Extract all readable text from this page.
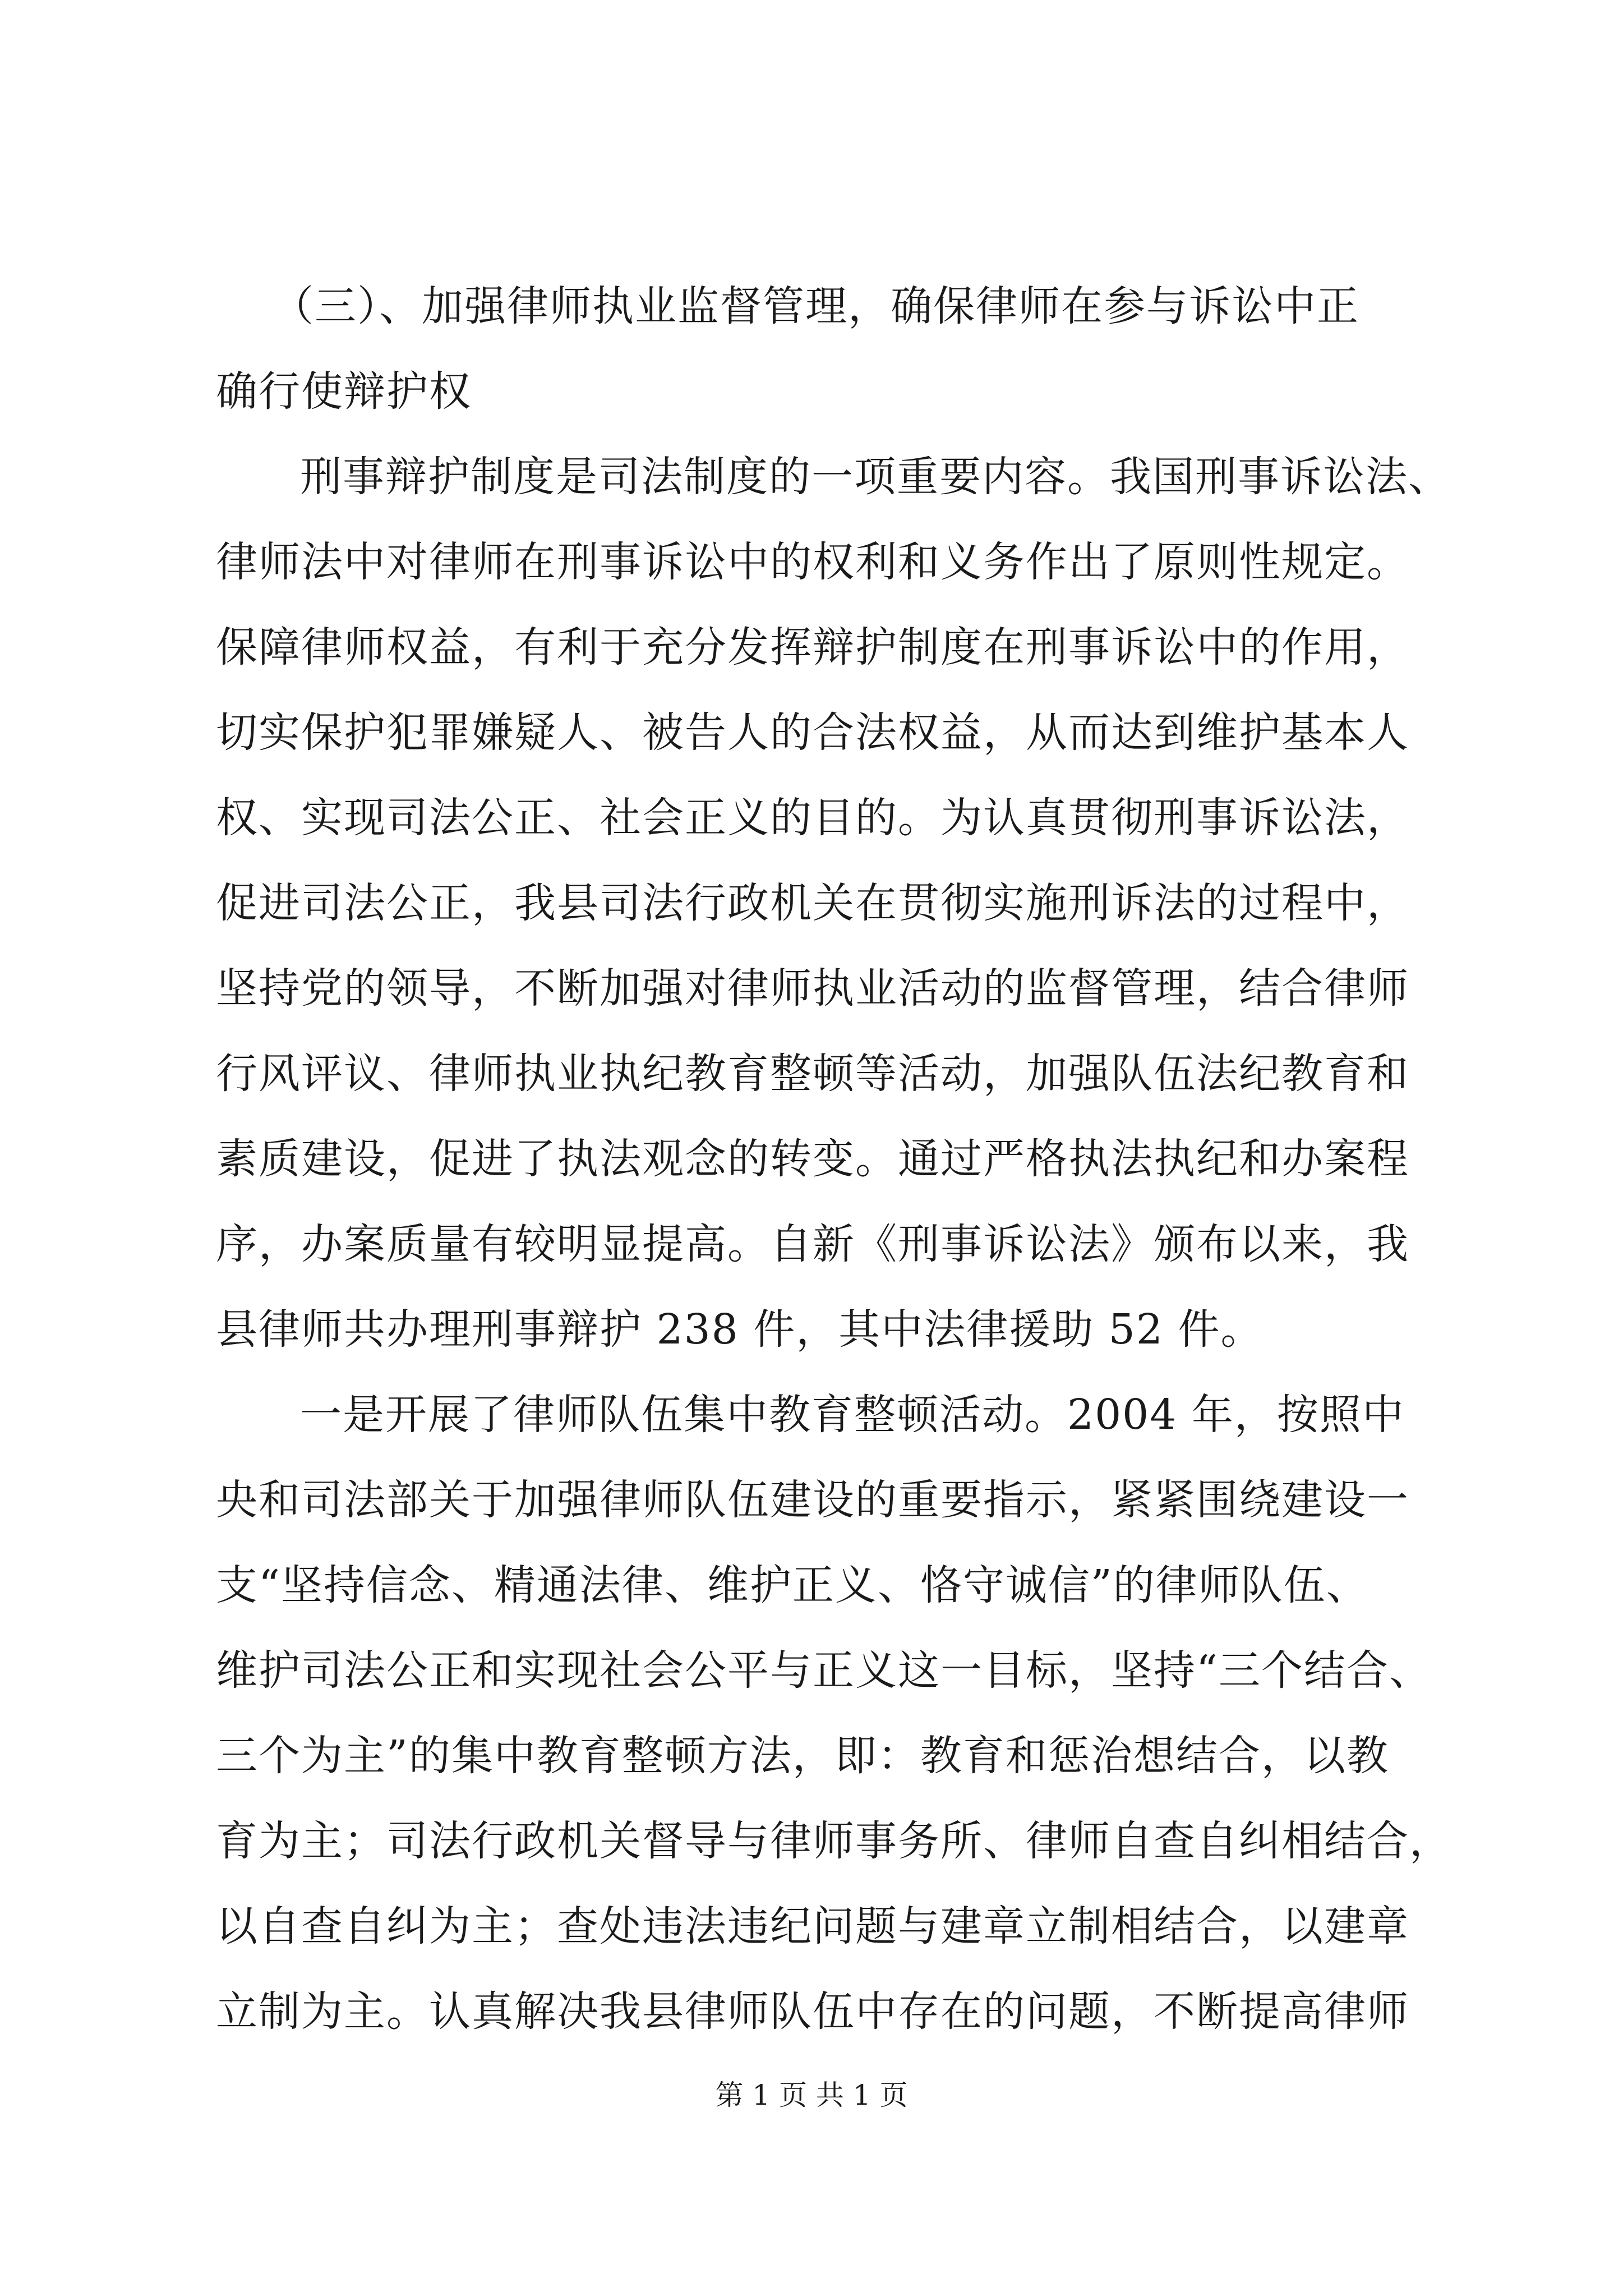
（三）、加强律师执业监督管理，确保律师在参与诉讼中正
确行使辩护权
刑事辩护制度是司法制度的一项重要内容。我国刑事诉讼法、
律师法中对律师在刑事诉讼中的权利和义务作出了原则性规定。
保障律师权益，有利于充分发挥辩护制度在刑事诉讼中的作用，
切实保护犯罪嫌疑人、被告人的合法权益，从而达到维护基本人
权、实现司法公正、社会正义的目的。为认真贯彻刑事诉讼法，
促进司法公正，我县司法行政机关在贯彻实施刑诉法的过程中，
坚持党的领导，不断加强对律师执业活动的监督管理，结合律师
行风评议、律师执业执纪教育整顿等活动，加强队伍法纪教育和
素质建设，促进了执法观念的转变。通过严格执法执纪和办案程
序，办案质量有较明显提高。自新《刑事诉讼法》颁布以来，我
县律师共办理刑事辩护 238 件，其中法律援助 52 件。
一是开展了律师队伍集中教育整顿活动。2004 年，按照中
央和司法部关于加强律师队伍建设的重要指示，紧紧围绕建设一
支“坚持信念、精通法律、维护正义、恪守诚信”的律师队伍、
维护司法公正和实现社会公平与正义这一目标，坚持“三个结合、
三个为主”的集中教育整顿方法，即：教育和惩治想结合，以教
育为主；司法行政机关督导与律师事务所、律师自查自纠相结合，
以自查自纠为主；查处违法违纪问题与建章立制相结合，以建章
立制为主。认真解决我县律师队伍中存在的问题，不断提高律师
第 1 页 共 1 页
